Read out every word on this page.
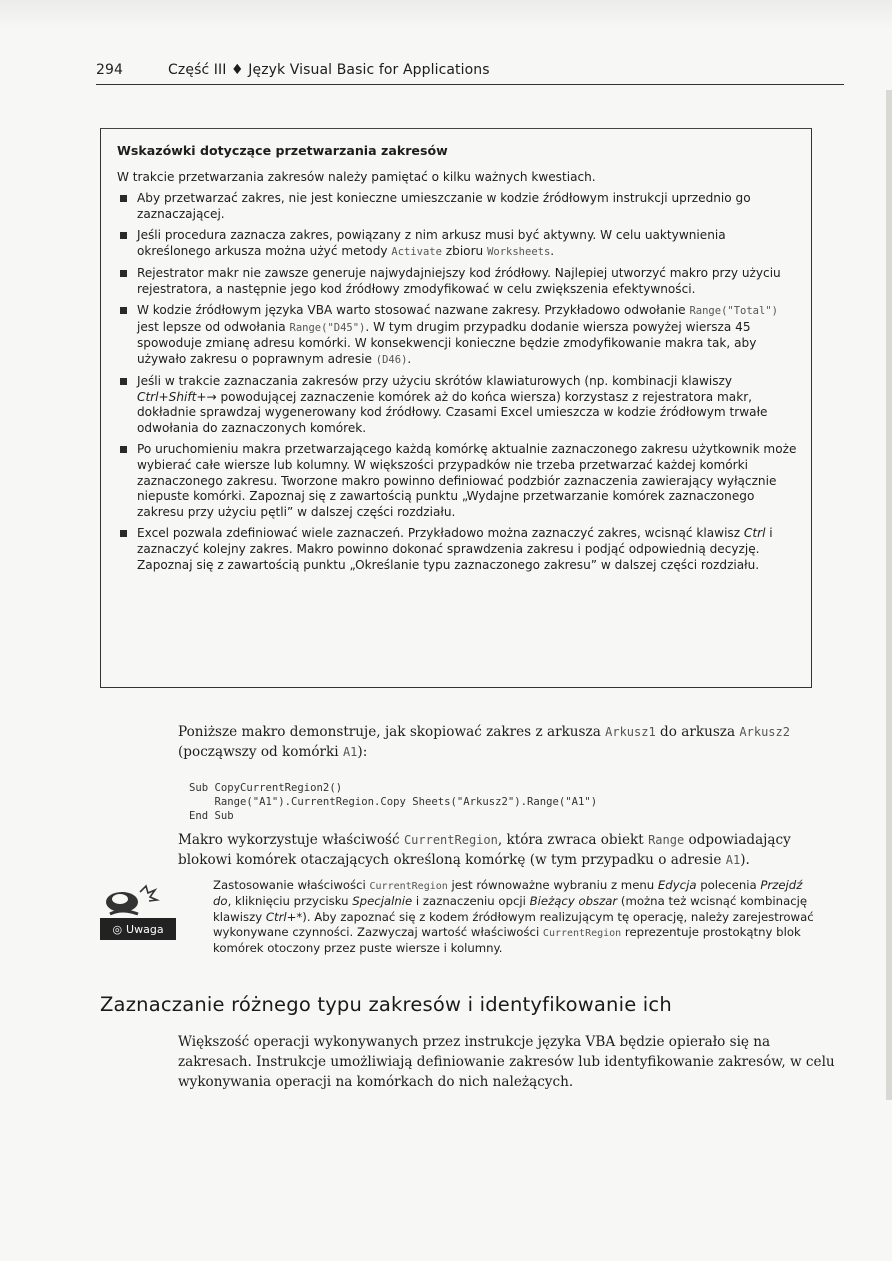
294	Część III ♦ Język Visual Basic for Applications
Wskazówki dotyczące przetwarzania zakresów
W trakcie przetwarzania zakresów należy pamiętać o kilku ważnych kwestiach.
Aby przetwarzać zakres, nie jest konieczne umieszczanie w kodzie źródłowym instrukcji uprzednio go zaznaczającej.
Jeśli procedura zaznacza zakres, powiązany z nim arkusz musi być aktywny. W celu uaktywnienia określonego arkusza można użyć metody Activate zbioru Worksheets.
Rejestrator makr nie zawsze generuje najwydajniejszy kod źródłowy. Najlepiej utworzyć makro przy użyciu rejestratora, a następnie jego kod źródłowy zmodyfikować w celu zwiększenia efektywności.
W kodzie źródłowym języka VBA warto stosować nazwane zakresy. Przykładowo odwołanie Range("Total") jest lepsze od odwołania Range("D45"). W tym drugim przypadku dodanie wiersza powyżej wiersza 45 spowoduje zmianę adresu komórki. W konsekwencji konieczne będzie zmodyfikowanie makra tak, aby używało zakresu o poprawnym adresie (D46).
Jeśli w trakcie zaznaczania zakresów przy użyciu skrótów klawiaturowych (np. kombinacji klawiszy Ctrl+Shift+→ powodującej zaznaczenie komórek aż do końca wiersza) korzystasz z rejestratora makr, dokładnie sprawdzaj wygenerowany kod źródłowy. Czasami Excel umieszcza w kodzie źródłowym trwałe odwołania do zaznaczonych komórek.
Po uruchomieniu makra przetwarzającego każdą komórkę aktualnie zaznaczonego zakresu użytkownik może wybierać całe wiersze lub kolumny. W większości przypadków nie trzeba przetwarzać każdej komórki zaznaczonego zakresu. Tworzone makro powinno definiować podzbiór zaznaczenia zawierający wyłącznie niepuste komórki. Zapoznaj się z zawartością punktu „Wydajne przetwarzanie komórek zaznaczonego zakresu przy użyciu pętli” w dalszej części rozdziału.
Excel pozwala zdefiniować wiele zaznaczeń. Przykładowo można zaznaczyć zakres, wcisnąć klawisz Ctrl i zaznaczyć kolejny zakres. Makro powinno dokonać sprawdzenia zakresu i podjąć odpowiednią decyzję. Zapoznaj się z zawartością punktu „Określanie typu zaznaczonego zakresu” w dalszej części rozdziału.
Poniższe makro demonstruje, jak skopiować zakres z arkusza Arkusz1 do arkusza Arkusz2 (począwszy od komórki A1):
Sub CopyCurrentRegion2()
Range("A1").CurrentRegion.Copy Sheets("Arkusz2").Range("A1")
End Sub
Makro wykorzystuje właściwość CurrentRegion, która zwraca obiekt Range odpowiadający blokowi komórek otaczających określoną komórkę (w tym przypadku o adresie A1).
◎ Uwaga
Zastosowanie właściwości CurrentRegion jest równoważne wybraniu z menu Edycja polecenia Przejdź do, kliknięciu przycisku Specjalnie i zaznaczeniu opcji Bieżący obszar (można też wcisnąć kombinację klawiszy Ctrl+*). Aby zapoznać się z kodem źródłowym realizującym tę operację, należy zarejestrować wykonywane czynności. Zazwyczaj wartość właściwości CurrentRegion reprezentuje prostokątny blok komórek otoczony przez puste wiersze i kolumny.
Zaznaczanie różnego typu zakresów i identyfikowanie ich
Większość operacji wykonywanych przez instrukcje języka VBA będzie opierało się na zakresach. Instrukcje umożliwiają definiowanie zakresów lub identyfikowanie zakresów, w celu wykonywania operacji na komórkach do nich należących.
